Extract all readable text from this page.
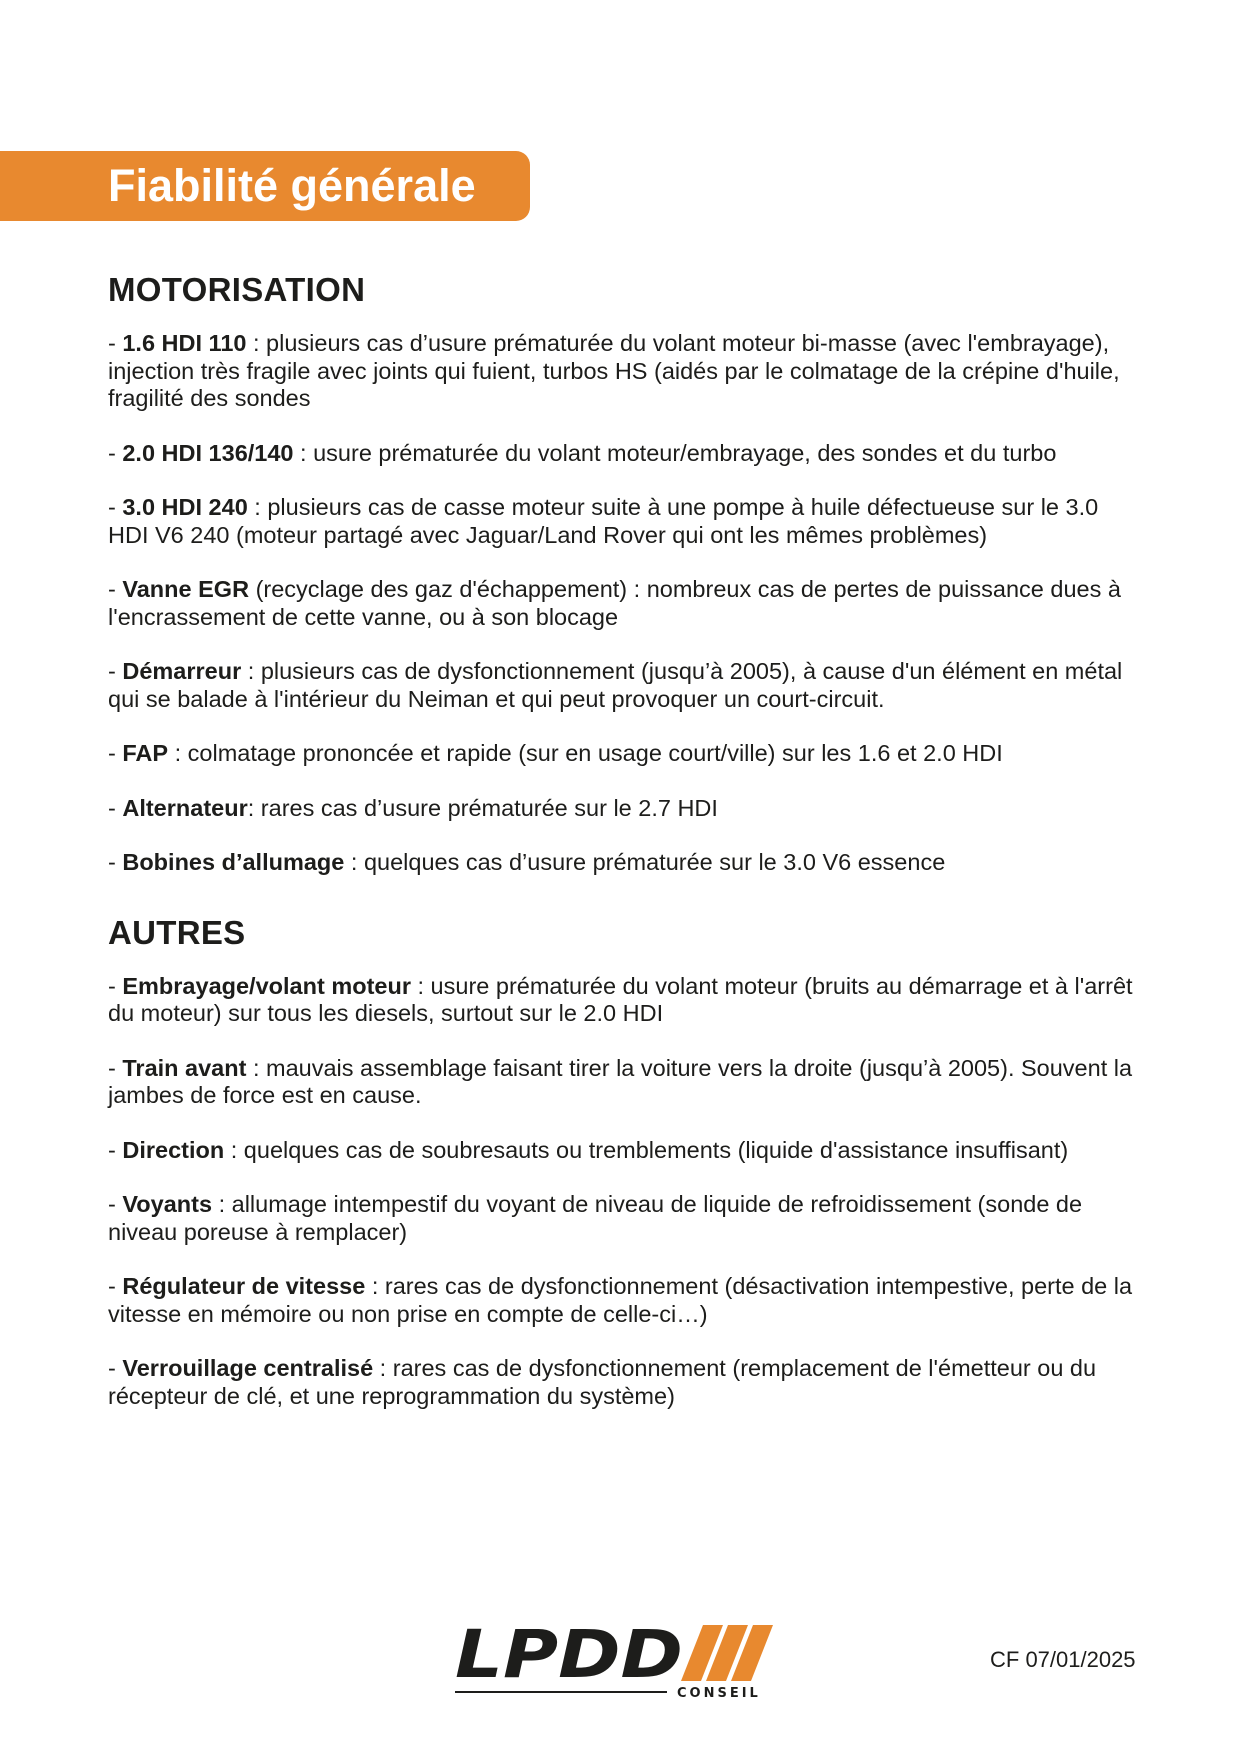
Fiabilité générale
MOTORISATION

- 1.6 HDI 110 : plusieurs cas d’usure prématurée du volant moteur bi-masse (avec l'embrayage), injection très fragile avec joints qui fuient, turbos HS (aidés par le colmatage de la crépine d'huile, fragilité des sondes

- 2.0 HDI 136/140 : usure prématurée du volant moteur/embrayage, des sondes et du turbo

- 3.0 HDI 240 : plusieurs cas de casse moteur suite à une pompe à huile défectueuse sur le 3.0 HDI V6 240 (moteur partagé avec Jaguar/Land Rover qui ont les mêmes problèmes)

- Vanne EGR (recyclage des gaz d'échappement) : nombreux cas de pertes de puissance dues à l'encrassement de cette vanne, ou à son blocage

- Démarreur : plusieurs cas de dysfonctionnement (jusqu’à 2005), à cause d'un élément en métal qui se balade à l'intérieur du Neiman et qui peut provoquer un court-circuit.

- FAP : colmatage prononcée et rapide (sur en usage court/ville) sur les 1.6 et 2.0 HDI

- Alternateur: rares cas d’usure prématurée sur le 2.7 HDI

- Bobines d’allumage : quelques cas d’usure prématurée sur le 3.0 V6 essence

AUTRES

- Embrayage/volant moteur : usure prématurée du volant moteur (bruits au démarrage et à l'arrêt du moteur) sur tous les diesels, surtout sur le 2.0 HDI

- Train avant : mauvais assemblage faisant tirer la voiture vers la droite (jusqu’à 2005). Souvent la jambes de force est en cause.

- Direction : quelques cas de soubresauts ou tremblements (liquide d'assistance insuffisant)

- Voyants : allumage intempestif du voyant de niveau de liquide de refroidissement (sonde de niveau poreuse à remplacer)

- Régulateur de vitesse : rares cas de dysfonctionnement (désactivation intempestive, perte de la vitesse en mémoire ou non prise en compte de celle-ci…)

- Verrouillage centralisé : rares cas de dysfonctionnement (remplacement de l'émetteur ou du récepteur de clé, et une reprogrammation du système)

LPDD
CONSEIL
CF 07/01/2025
